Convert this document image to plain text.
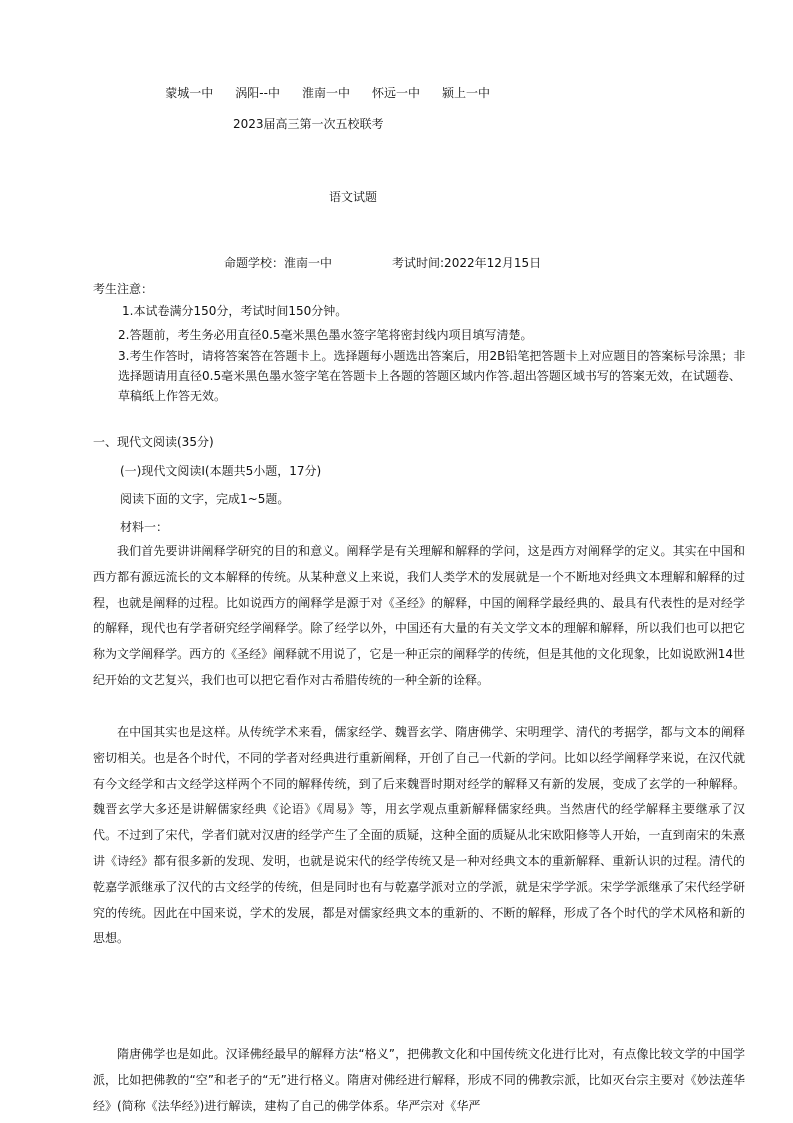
蒙城一中 涡阳--中 淮南一中 怀远一中 颍上一中

2023届高三第一次五校联考
语文试题
命题学校：淮南一中	考试时间:2022年12月15日
考生注意：
1.本试卷满分150分，考试时间150分钟。
2.答题前，考生务必用直径0.5毫米黑色墨水签字笔将密封线内项目填写清楚。
3.考生作答时，请将答案答在答题卡上。选择题每小题选出答案后，用2B铅笔把答题卡上对应题目的答案标号涂黑；非选择题请用直径0.5毫米黑色墨水签字笔在答题卡上各题的答题区域内作答.超出答题区域书写的答案无效，在试题卷、草稿纸上作答无效。
一、现代文阅读(35分)
(一)现代文阅读Ⅰ(本题共5小题，17分)
阅读下面的文字，完成1~5题。
材料一：

我们首先要讲讲阐释学研究的目的和意义。阐释学是有关理解和解释的学问，这是西方对阐释学的定义。其实在中国和西方都有源远流长的文本解释的传统。从某种意义上来说，我们人类学术的发展就是一个不断地对经典文本理解和解释的过程，也就是阐释的过程。比如说西方的阐释学是源于对《圣经》的解释，中国的阐释学最经典的、最具有代表性的是对经学的解释，现代也有学者研究经学阐释学。除了经学以外，中国还有大量的有关文学文本的理解和解释，所以我们也可以把它称为文学阐释学。西方的《圣经》阐释就不用说了，它是一种正宗的阐释学的传统，但是其他的文化现象，比如说欧洲14世纪开始的文艺复兴，我们也可以把它看作对古希腊传统的一种全新的诠释。

在中国其实也是这样。从传统学术来看，儒家经学、魏晋玄学、隋唐佛学、宋明理学、清代的考据学，都与文本的阐释密切相关。也是各个时代，不同的学者对经典进行重新阐释，开创了自己一代新的学问。比如以经学阐释学来说，在汉代就有今文经学和古文经学这样两个不同的解释传统，到了后来魏晋时期对经学的解释又有新的发展，变成了玄学的一种解释。魏晋玄学大多还是讲解儒家经典《论语》《周易》等，用玄学观点重新解释儒家经典。当然唐代的经学解释主要继承了汉代。不过到了宋代，学者们就对汉唐的经学产生了全面的质疑，这种全面的质疑从北宋欧阳修等人开始，一直到南宋的朱熹讲《诗经》都有很多新的发现、发明，也就是说宋代的经学传统又是一种对经典文本的重新解释、重新认识的过程。清代的乾嘉学派继承了汉代的古文经学的传统，但是同时也有与乾嘉学派对立的学派，就是宋学学派。宋学学派继承了宋代经学研究的传统。因此在中国来说，学术的发展，都是对儒家经典文本的重新的、不断的解释，形成了各个时代的学术风格和新的思想。

隋唐佛学也是如此。汉译佛经最早的解释方法“格义”，把佛教文化和中国传统文化进行比对，有点像比较文学的中国学派，比如把佛教的“空”和老子的“无”进行格义。隋唐对佛经进行解释，形成不同的佛教宗派，比如灭台宗主要对《妙法莲华经》(简称《法华经》)进行解读，建构了自己的佛学体系。华严宗对《华严
